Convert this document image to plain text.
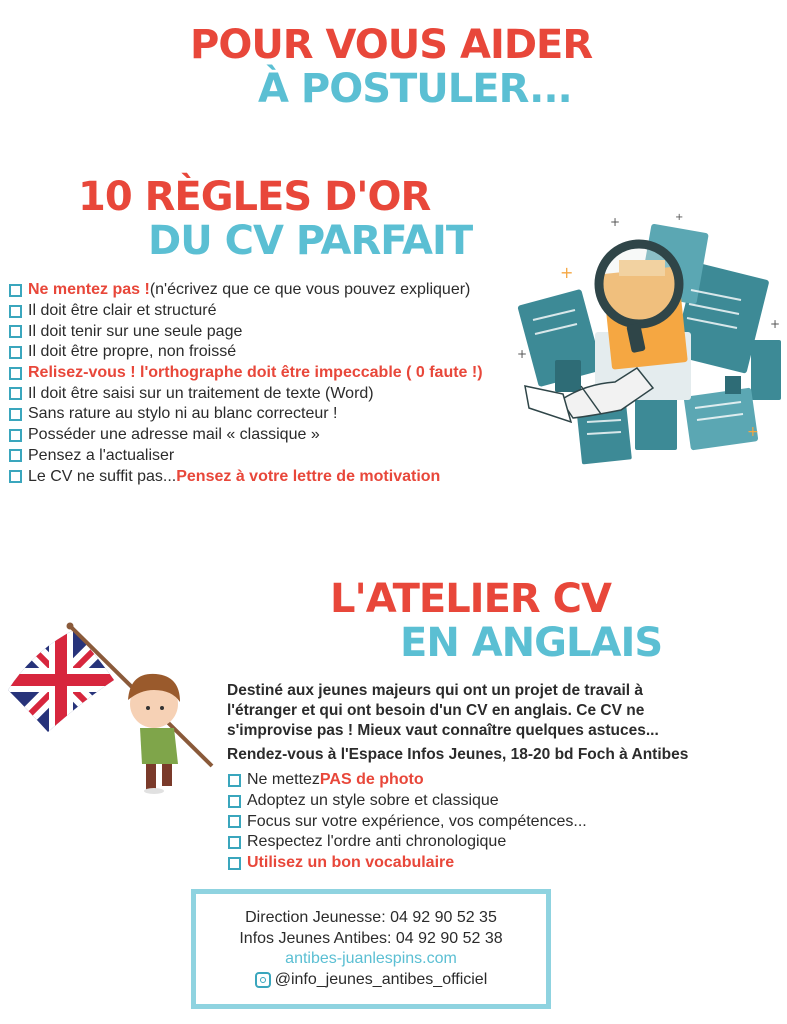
POUR VOUS AIDER
À POSTULER...
10 RÈGLES D'OR
DU CV PARFAIT	+
+
+
+
+
+
Ne mentez pas ! (n'écrivez que ce que vous pouvez expliquer)
Il doit être clair et structuré
Il doit tenir sur une seule page
Il doit être propre, non froissé
Relisez-vous ! l'orthographe doit être impeccable ( 0 faute !)
Il doit être saisi sur un traitement de texte (Word)
Sans rature au stylo ni au blanc correcteur !
Posséder une adresse mail « classique »
Pensez a l'actualiser
Le CV ne suffit pas... Pensez à votre lettre de motivation
L'ATELIER CV
EN ANGLAIS

Destiné aux jeunes majeurs qui ont un projet de travail à

l'étranger et qui ont besoin d'un CV en anglais. Ce CV ne

s'improvise pas ! Mieux vaut connaître quelques astuces...

Rendez-vous à l'Espace Infos Jeunes, 18-20 bd Foch à Antibes

Ne mettez PAS de photo
Adoptez un style sobre et classique
Focus sur votre expérience, vos compétences...
Respectez l'ordre anti chronologique
Utilisez un bon vocabulaire
Direction Jeunesse: 04 92 90 52 35
Infos Jeunes Antibes: 04 92 90 52 38
antibes-juanlespins.com
@info_jeunes_antibes_officiel
